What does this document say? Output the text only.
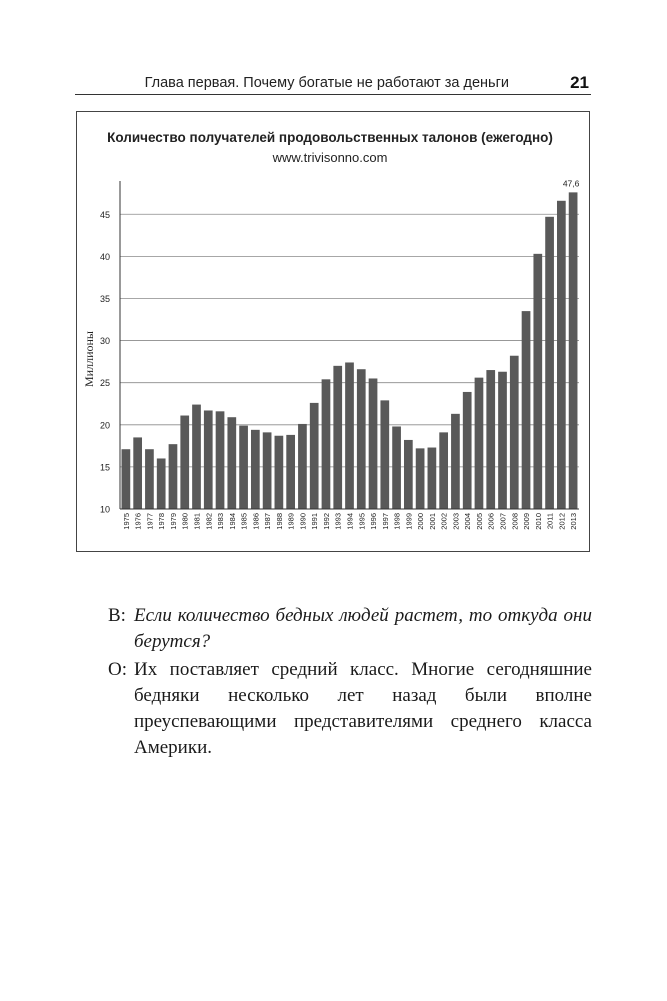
Глава первая. Почему богатые не работают за деньги	21
Количество получателей продовольственных талонов (ежегодно)
www.trivisonno.com
Миллионы
10
15
20
25
30
35
40
45
1975 1976 1977 1978 1979 1980 1981 1982 1983 1984 1985 1986 1987 1988 1989 1990 1991 1992 1993 1994 1995 1996 1997 1998 1999 2000 2001 2002 2003 2004 2005 2006 2007 2008 2009 2010 2011 2012 2013
47,6
В: Если количество бедных людей растет, то откуда они берутся?
О: Их поставляет средний класс. Многие сегодняшние бедняки несколько лет назад были вполне преуспевающими представителями среднего класса Америки.
